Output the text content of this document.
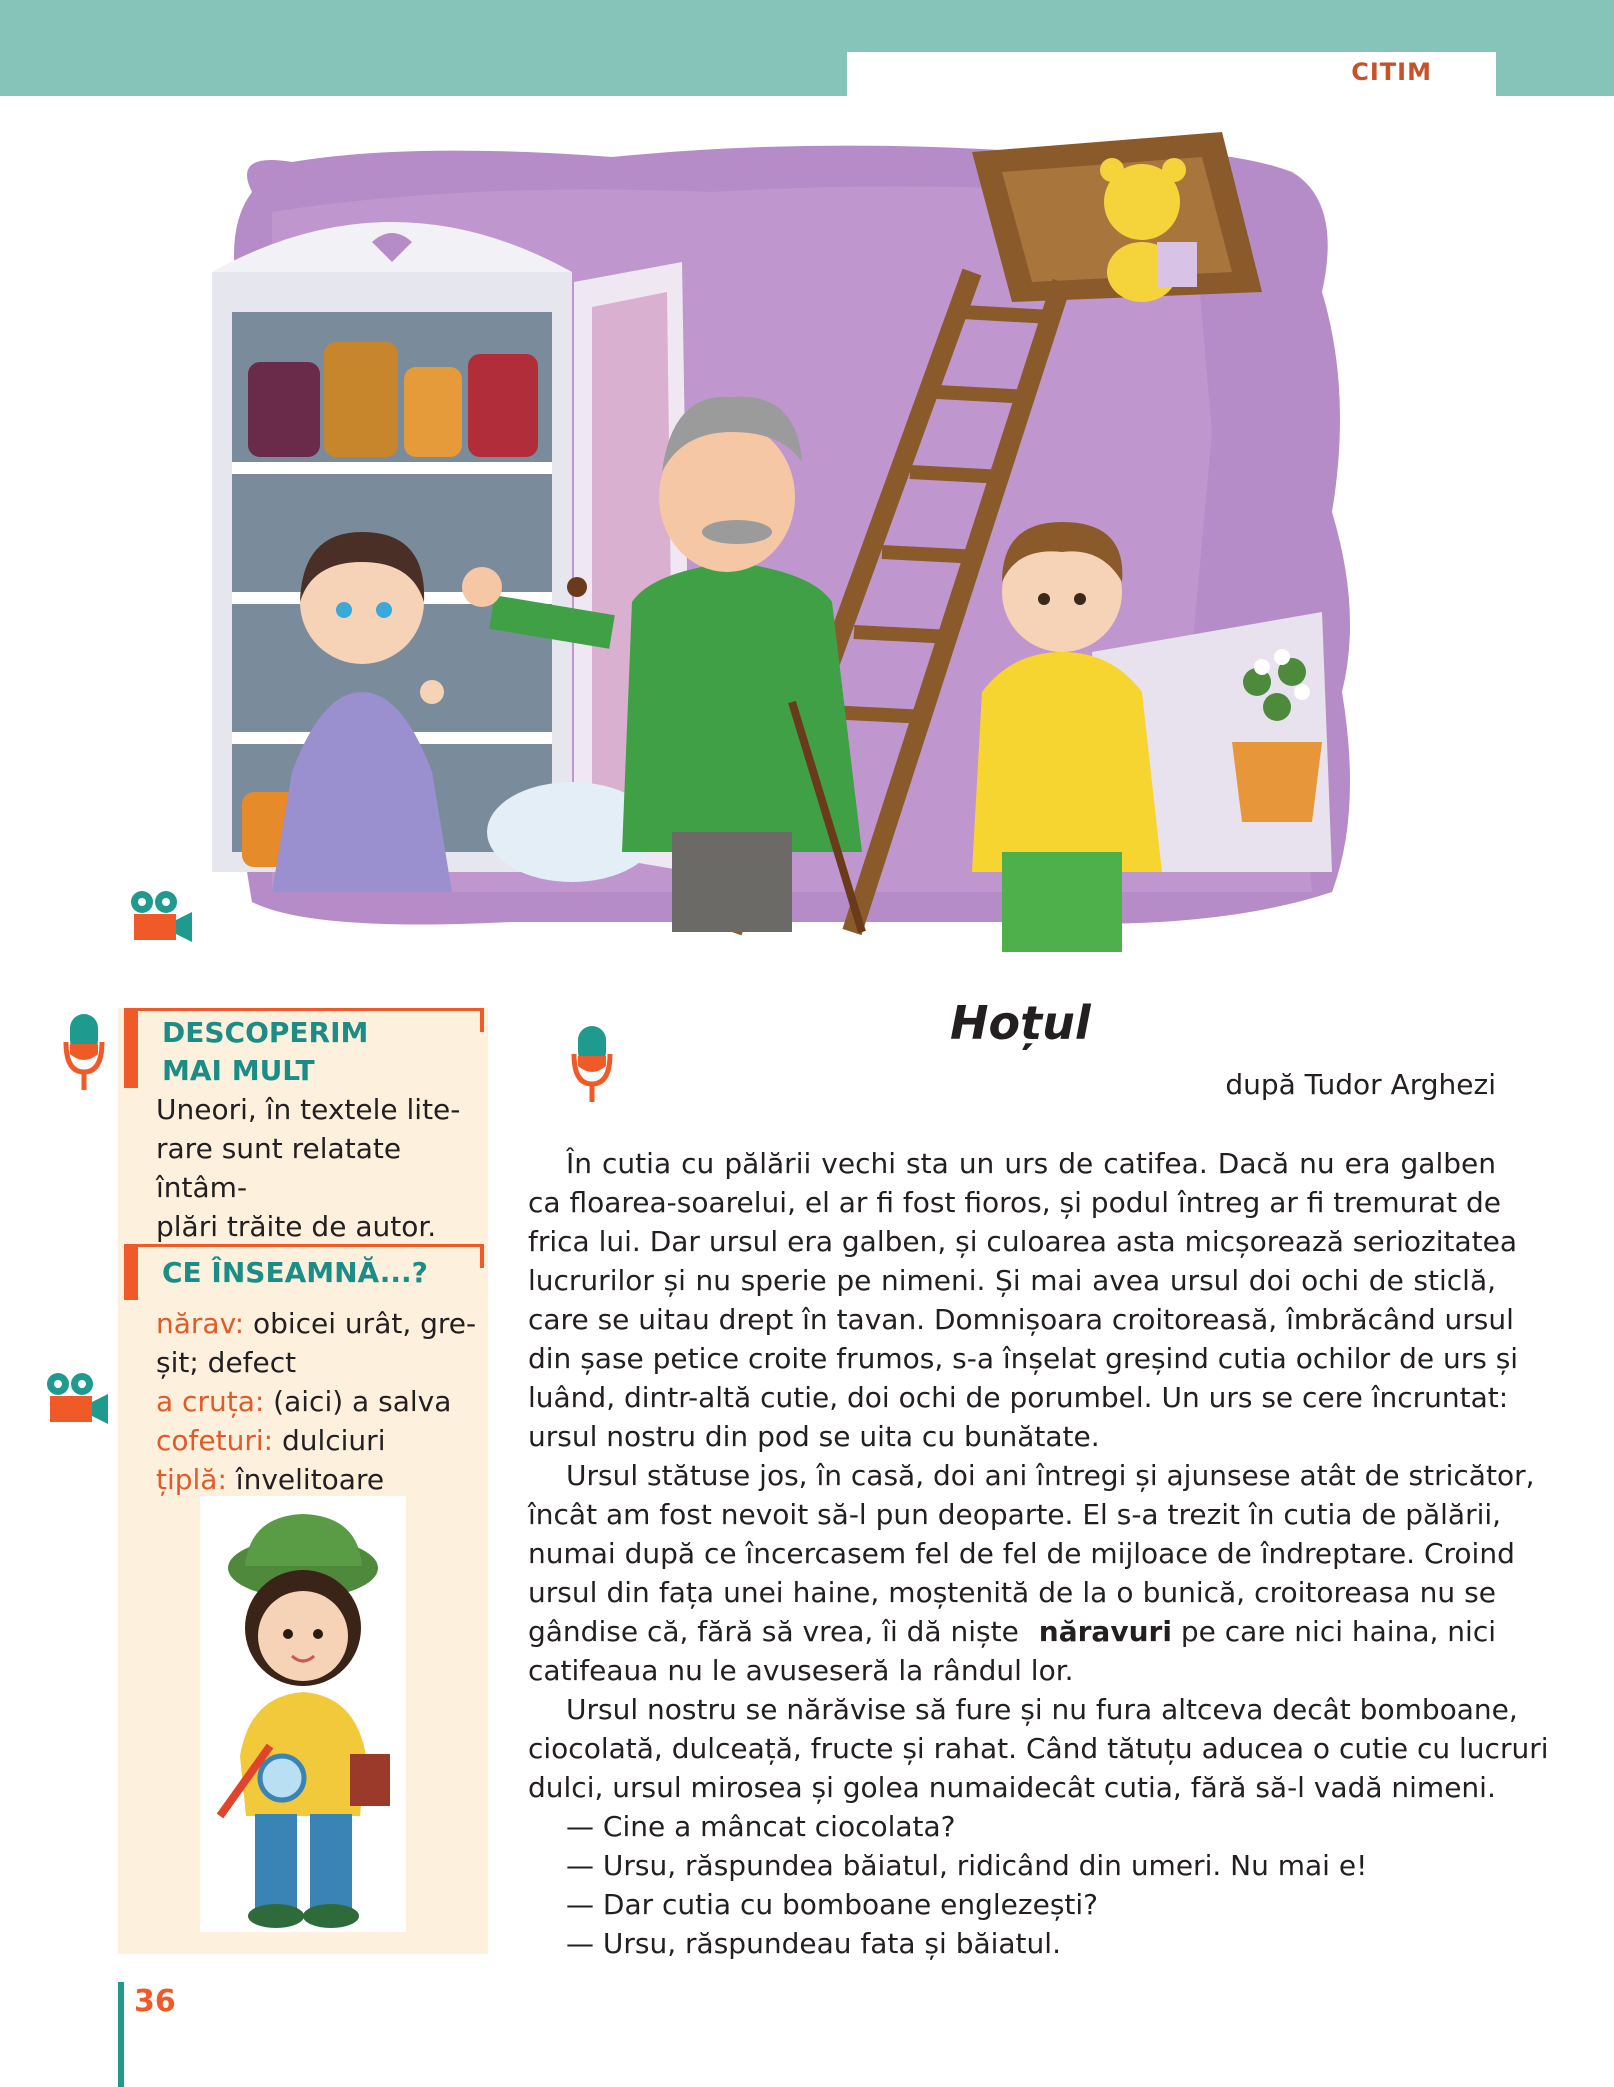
CITIM

DESCOPERIM
MAI MULT

Uneori, în textele lite-
rare sunt relatate întâm-
plări trăite de autor.

CE ÎNSEAMNĂ...?

nărav: obicei urât, gre-

șit; defect

a cruța: (aici) a salva

cofeturi: dulciuri

țiplă: învelitoare

Hoțul

după Tudor Arghezi

În cutia cu pălării vechi sta un urs de catifea. Dacă nu era galben
ca floarea-soarelui, el ar fi fost fioros, și podul întreg ar fi tremurat de
frica lui. Dar ursul era galben, și culoarea asta micșorează seriozitatea
lucrurilor și nu sperie pe nimeni. Și mai avea ursul doi ochi de sticlă,
care se uitau drept în tavan. Domnișoara croitoreasă, îmbrăcând ursul
din șase petice croite frumos, s-a înșelat greșind cutia ochilor de urs și
luând, dintr-altă cutie, doi ochi de porumbel. Un urs se cere încruntat:
ursul nostru din pod se uita cu bunătate.
Ursul stătuse jos, în casă, doi ani întregi și ajunsese atât de stricător,
încât am fost nevoit să-l pun deoparte. El s-a trezit în cutia de pălării,
numai după ce încercasem fel de fel de mijloace de îndreptare. Croind
ursul din fața unei haine, moștenită de la o bunică, croitoreasa nu se
gândise că, fără să vrea, îi dă niște năravuri pe care nici haina, nici
catifeaua nu le avuseseră la rândul lor.
Ursul nostru se nărăvise să fure și nu fura altceva decât bomboane,
ciocolată, dulceață, fructe și rahat. Când tătuțu aducea o cutie cu lucruri
dulci, ursul mirosea și golea numaidecât cutia, fără să-l vadă nimeni.
— Cine a mâncat ciocolata?
— Ursu, răspundea băiatul, ridicând din umeri. Nu mai e!
— Dar cutia cu bomboane englezești?
— Ursu, răspundeau fata și băiatul.
36
